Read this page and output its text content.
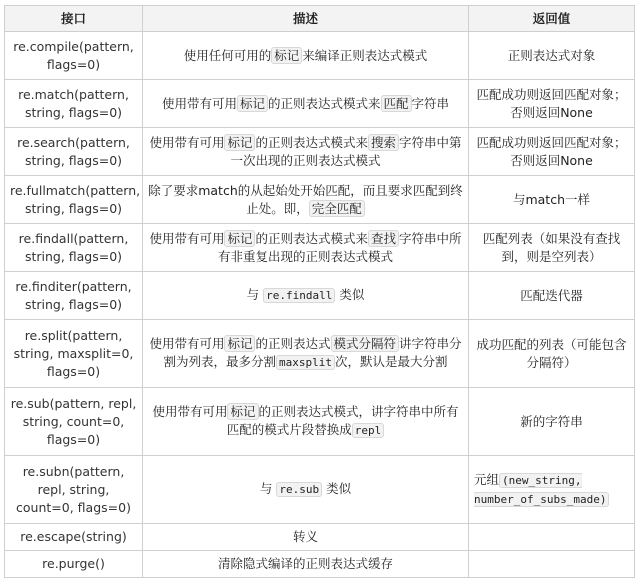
接口	描述	返回值
re.compile(pattern, flags=0)	使用任何可用的 标记 来编译正则表达式模式	正则表达式对象
re.match(pattern, string, flags=0)	使用带有可用 标记 的正则表达式模式来 匹配 字符串	匹配成功则返回匹配对象；否则返回None
re.search(pattern, string, flags=0)	使用带有可用 标记 的正则表达式模式来 搜索 字符串中第一次出现的正则表达式模式	匹配成功则返回匹配对象；否则返回None
re.fullmatch(pattern, string, flags=0)	除了要求match的从起始处开始匹配，而且要求匹配到终止处。即， 完全匹配	与match一样
re.findall(pattern, string, flags=0)	使用带有可用 标记 的正则表达式模式来 查找 字符串中所有非重复出现的正则表达式模式	匹配列表（如果没有查找到，则是空列表）
re.finditer(pattern, string, flags=0)	与 re.findall 类似	匹配迭代器
re.split(pattern, string, maxsplit=0, flags=0)	使用带有可用 标记 的正则表达式 模式分隔符 讲字符串分割为列表，最多分割 maxsplit 次，默认是最大分割	成功匹配的列表（可能包含分隔符）
re.sub(pattern, repl, string, count=0, flags=0)	使用带有可用 标记 的正则表达式模式，讲字符串中所有匹配的模式片段替换成 repl	新的字符串
re.subn(pattern, repl, string, count=0, flags=0)	与 re.sub 类似	元组 (new_string, number_of_subs_made)
re.escape(string)	转义	
re.purge()	清除隐式编译的正则表达式缓存	
